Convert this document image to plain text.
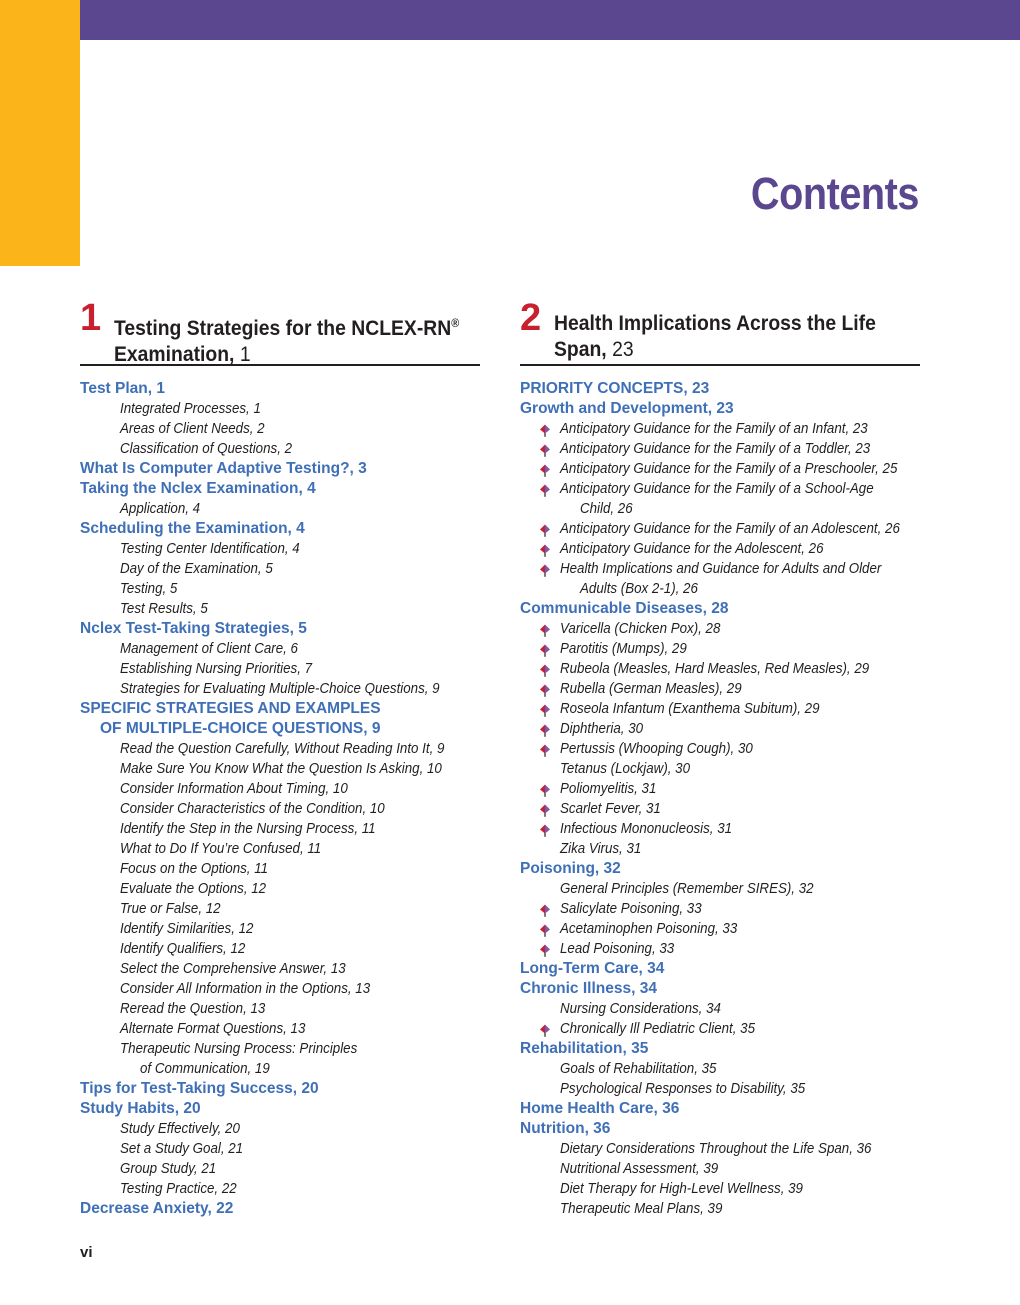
Contents
1 Testing Strategies for the NCLEX-RN®
Examination, 1
Test Plan, 1
Integrated Processes, 1
Areas of Client Needs, 2
Classification of Questions, 2
What Is Computer Adaptive Testing?, 3
Taking the Nclex Examination, 4
Application, 4
Scheduling the Examination, 4
Testing Center Identification, 4
Day of the Examination, 5
Testing, 5
Test Results, 5
Nclex Test-Taking Strategies, 5
Management of Client Care, 6
Establishing Nursing Priorities, 7
Strategies for Evaluating Multiple-Choice Questions, 9
SPECIFIC STRATEGIES AND EXAMPLES
OF MULTIPLE-CHOICE QUESTIONS, 9
Read the Question Carefully, Without Reading Into It, 9
Make Sure You Know What the Question Is Asking, 10
Consider Information About Timing, 10
Consider Characteristics of the Condition, 10
Identify the Step in the Nursing Process, 11
What to Do If You’re Confused, 11
Focus on the Options, 11
Evaluate the Options, 12
True or False, 12
Identify Similarities, 12
Identify Qualifiers, 12
Select the Comprehensive Answer, 13
Consider All Information in the Options, 13
Reread the Question, 13
Alternate Format Questions, 13
Therapeutic Nursing Process: Principles
of Communication, 19
Tips for Test-Taking Success, 20
Study Habits, 20
Study Effectively, 20
Set a Study Goal, 21
Group Study, 21
Testing Practice, 22
Decrease Anxiety, 22
2 Health Implications Across the Life
Span, 23
PRIORITY CONCEPTS, 23
Growth and Development, 23
Anticipatory Guidance for the Family of an Infant, 23
Anticipatory Guidance for the Family of a Toddler, 23
Anticipatory Guidance for the Family of a Preschooler, 25
Anticipatory Guidance for the Family of a School-Age
Child, 26
Anticipatory Guidance for the Family of an Adolescent, 26
Anticipatory Guidance for the Adolescent, 26
Health Implications and Guidance for Adults and Older
Adults (Box 2-1), 26
Communicable Diseases, 28
Varicella (Chicken Pox), 28
Parotitis (Mumps), 29
Rubeola (Measles, Hard Measles, Red Measles), 29
Rubella (German Measles), 29
Roseola Infantum (Exanthema Subitum), 29
Diphtheria, 30
Pertussis (Whooping Cough), 30
Tetanus (Lockjaw), 30
Poliomyelitis, 31
Scarlet Fever, 31
Infectious Mononucleosis, 31
Zika Virus, 31
Poisoning, 32
General Principles (Remember SIRES), 32
Salicylate Poisoning, 33
Acetaminophen Poisoning, 33
Lead Poisoning, 33
Long-Term Care, 34
Chronic Illness, 34
Nursing Considerations, 34
Chronically Ill Pediatric Client, 35
Rehabilitation, 35
Goals of Rehabilitation, 35
Psychological Responses to Disability, 35
Home Health Care, 36
Nutrition, 36
Dietary Considerations Throughout the Life Span, 36
Nutritional Assessment, 39
Diet Therapy for High-Level Wellness, 39
Therapeutic Meal Plans, 39
vi
